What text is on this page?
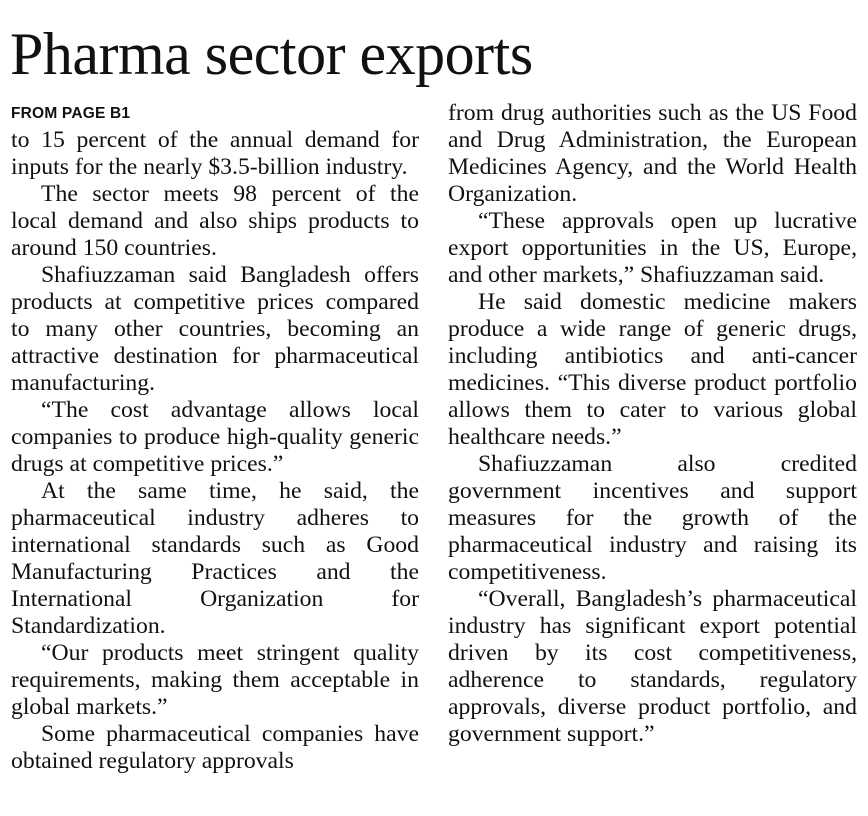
Pharma sector exports
FROM PAGE B1

to 15 percent of the annual demand for inputs for the nearly $3.5-billion industry.

The sector meets 98 percent of the local demand and also ships products to around 150 countries.

Shafiuzzaman said Bangladesh offers products at competitive prices compared to many other countries, becoming an attractive destination for pharmaceutical manufacturing.

“The cost advantage allows local companies to produce high-quality generic drugs at competitive prices.”

At the same time, he said, the pharmaceutical industry adheres to international standards such as Good Manufacturing Practices and the International Organization for Standardization.

“Our products meet stringent quality requirements, making them acceptable in global markets.”

Some pharmaceutical companies have obtained regulatory approvals

from drug authorities such as the US Food and Drug Administration, the European Medicines Agency, and the World Health Organization.

“These approvals open up lucrative export opportunities in the US, Europe, and other markets,” Shafiuzzaman said.

He said domestic medicine makers produce a wide range of generic drugs, including antibiotics and anti-cancer medicines. “This diverse product portfolio allows them to cater to various global healthcare needs.”

Shafiuzzaman also credited government incentives and support measures for the growth of the pharmaceutical industry and raising its competitiveness.

“Overall, Bangladesh’s pharmaceutical industry has significant export potential driven by its cost competitiveness, adherence to standards, regulatory approvals, diverse product portfolio, and government support.”
